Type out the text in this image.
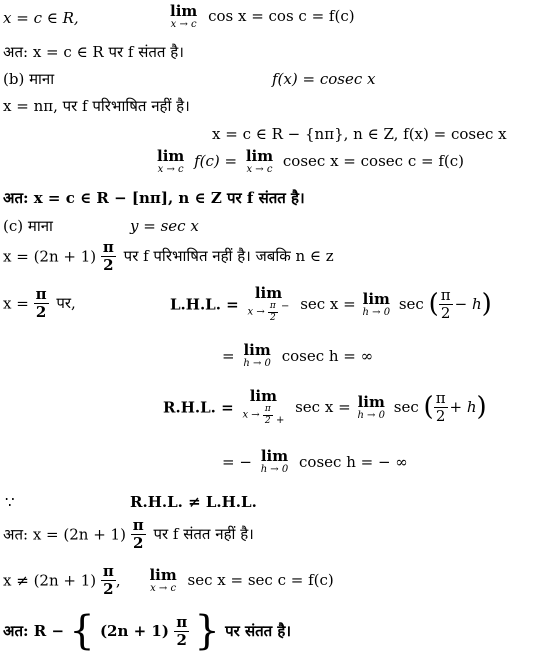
x = c ∈ R,	lim
x → c cos x = cos c = f(c)
अत: x = c ∈ R पर f संतत है।
(b) माना	f(x) = cosec x
x = nπ, पर f परिभाषित नहीं है।
x = c ∈ R − {nπ}, n ∈ Z, f(x) = cosec x
lim
x → c f(c) = lim
x → c cosec x = cosec c = f(c)
अत: x = c ∈ R − [nπ], n ∈ Z पर f संतत है।
(c) माना	y = sec x
$x = (2n + 1) \frac{\pi}{2}$ पर f परिभाषित नहीं है। जबकि n ∈ z
$x = \frac{\pi}{2}$ पर,	L.H.L. =
lim
$x \to \frac{\pi}{2} - \sec x = \lim$
h → 0 sec ( $\frac{\pi}{2} - h$)
= lim
h → 0 cosec h = ∞
R.H.L. =
lim
$x \to \frac{\pi}{2}$ +
sec x = lim
h → 0 sec ( $\frac{\pi}{2} + h$)
= − lim
h → 0 cosec h = − ∞
∵	R.H.L. ≠ L.H.L.
अत: $x = (2n + 1) \frac{\pi}{2}$ पर f संतत नहीं है।
$x \ne (2n + 1) \frac{\pi}{2}$ , lim
x → c sec x = sec c = f(c)
अत: R − { $(2n + 1) \frac{\pi}{2}$ } पर संतत है।
